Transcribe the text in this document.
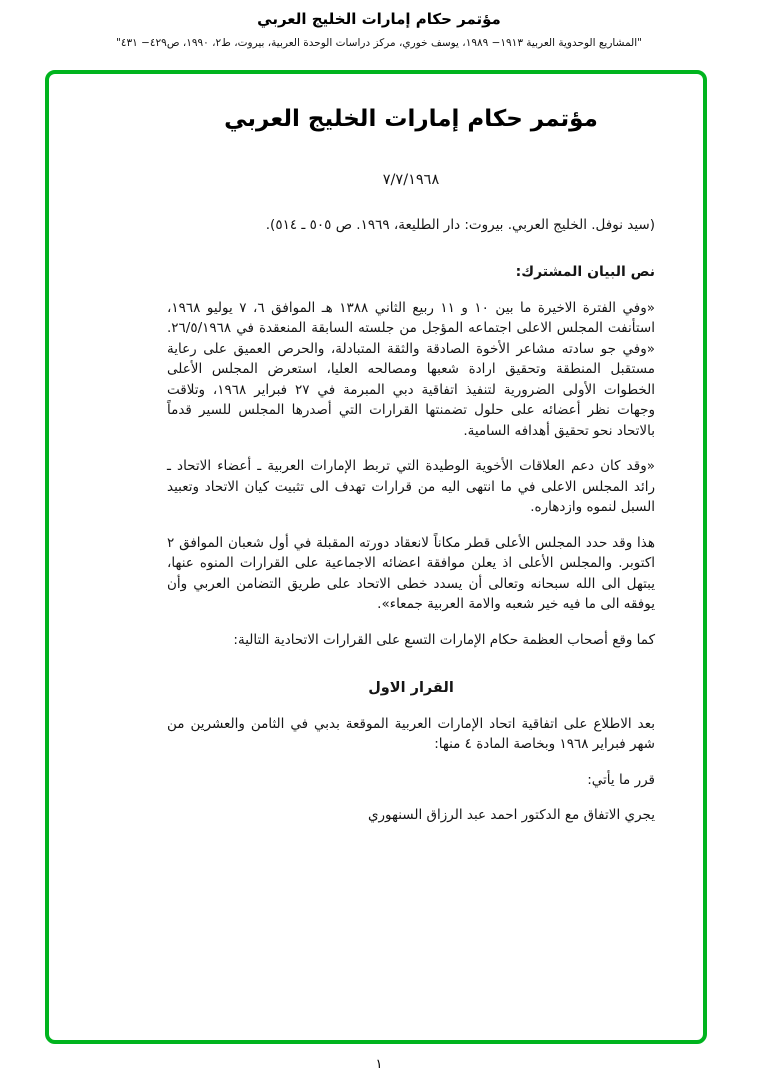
مؤتمر حكام إمارات الخليج العربي
"المشاريع الوحدوية العربية ١٩١٣− ١٩٨٩، يوسف خوري، مركز دراسات الوحدة العربية، بيروت، ط٢، ١٩٩٠، ص٤٢٩− ٤٣١"
مؤتمر حكام إمارات الخليج العربي
٧/٧/١٩٦٨

(سيد نوفل. الخليج العربي. بيروت: دار الطليعة، ١٩٦٩. ص ٥٠٥ ـ ٥١٤).

نص البيان المشترك:

«وفي الفترة الاخيرة ما بين ١٠ و ١١ ربيع الثاني ١٣٨٨ هـ الموافق ٦، ٧ يوليو ١٩٦٨، استأنفت المجلس الاعلى اجتماعه المؤجل من جلسته السابقة المنعقدة في ٢٦/٥/١٩٦٨. «وفي جو سادته مشاعر الأخوة الصادقة والثقة المتبادلة، والحرص العميق على رعاية مستقبل المنطقة وتحقيق ارادة شعبها ومصالحه العليا، استعرض المجلس الأعلى الخطوات الأولى الضرورية لتنفيذ اتفاقية دبي المبرمة في ٢٧ فبراير ١٩٦٨، وتلاقت وجهات نظر أعضائه على حلول تضمنتها القرارات التي أصدرها المجلس للسير قدماً بالاتحاد نحو تحقيق أهدافه السامية.

«وقد كان دعم العلاقات الأخوية الوطيدة التي تربط الإمارات العربية ـ أعضاء الاتحاد ـ رائد المجلس الاعلى في ما انتهى اليه من قرارات تهدف الى تثبيت كيان الاتحاد وتعبيد السبل لنموه وازدهاره.

هذا وقد حدد المجلس الأعلى قطر مكاناً لانعقاد دورته المقبلة في أول شعبان الموافق ٢ اكتوبر. والمجلس الأعلى اذ يعلن موافقة اعضائه الاجماعية على القرارات المنوه عنها، يبتهل الى الله سبحانه وتعالى أن يسدد خطى الاتحاد على طريق التضامن العربي وأن يوفقه الى ما فيه خير شعبه والامة العربية جمعاء».

كما وقع أصحاب العظمة حكام الإمارات التسع على القرارات الاتحادية التالية:

القرار الاول

بعد الاطلاع على اتفاقية اتحاد الإمارات العربية الموقعة بدبي في الثامن والعشرين من شهر فبراير ١٩٦٨ وبخاصة المادة ٤ منها:

قرر ما يأتي:

يجري الاتفاق مع الدكتور احمد عبد الرزاق السنهوري

١
